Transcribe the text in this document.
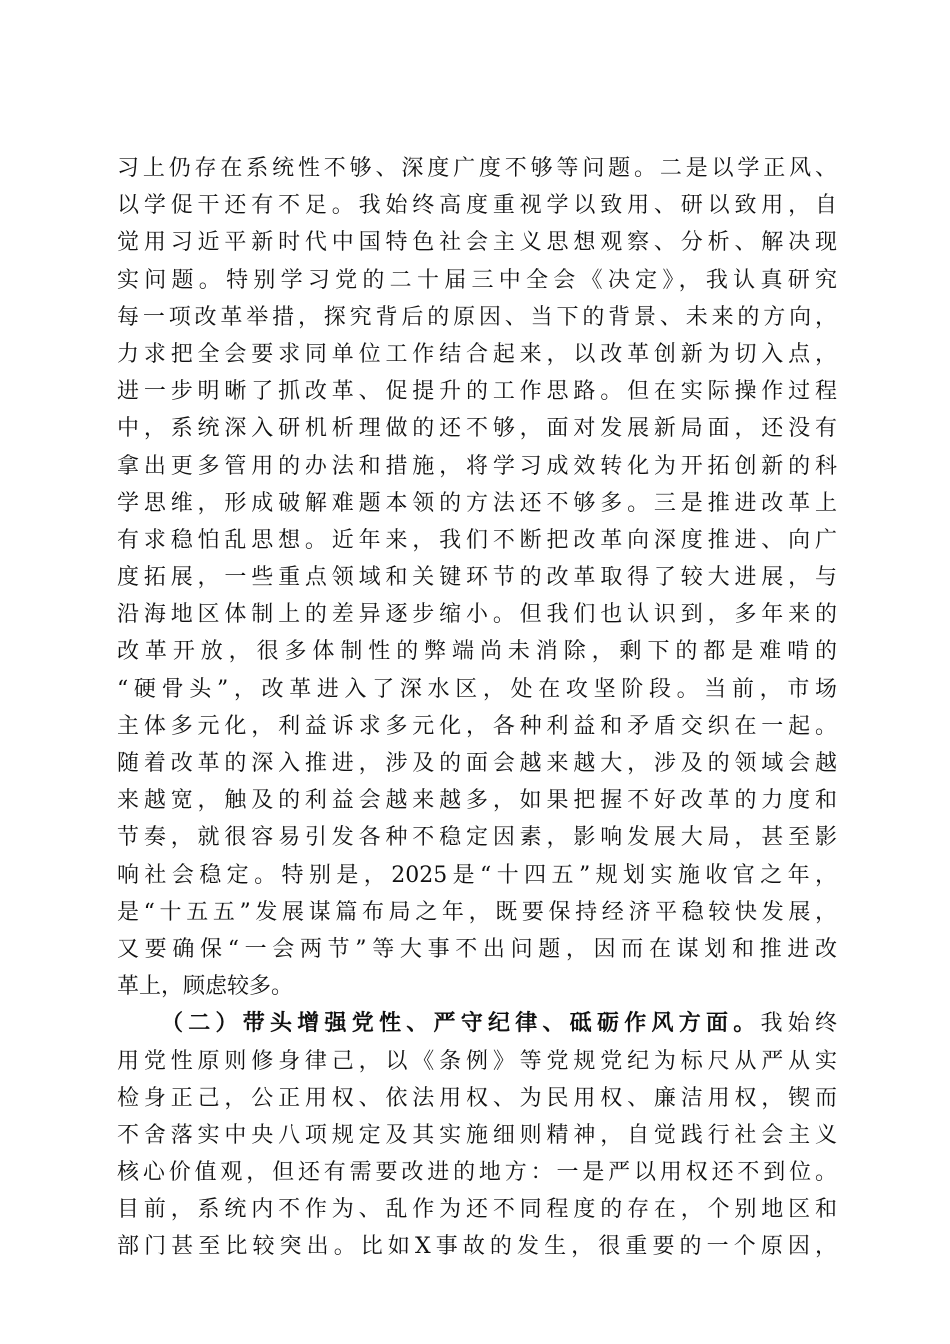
习上仍存在系统性不够、深度广度不够等问题。二是以学正风、
以学促干还有不足。我始终高度重视学以致用、研以致用，自
觉用习近平新时代中国特色社会主义思想观察、分析、解决现
实问题。特别学习党的二十届三中全会《决定》，我认真研究
每一项改革举措，探究背后的原因、当下的背景、未来的方向，
力求把全会要求同单位工作结合起来，以改革创新为切入点，
进一步明晰了抓改革、促提升的工作思路。但在实际操作过程
中，系统深入研机析理做的还不够，面对发展新局面，还没有
拿出更多管用的办法和措施，将学习成效转化为开拓创新的科
学思维，形成破解难题本领的方法还不够多。三是推进改革上
有求稳怕乱思想。近年来，我们不断把改革向深度推进、向广
度拓展，一些重点领域和关键环节的改革取得了较大进展，与
沿海地区体制上的差异逐步缩小。但我们也认识到，多年来的
改革开放，很多体制性的弊端尚未消除，剩下的都是难啃的
“硬骨头”，改革进入了深水区，处在攻坚阶段。当前，市场
主体多元化，利益诉求多元化，各种利益和矛盾交织在一起。
随着改革的深入推进，涉及的面会越来越大，涉及的领域会越
来越宽，触及的利益会越来越多，如果把握不好改革的力度和
节奏，就很容易引发各种不稳定因素，影响发展大局，甚至影
响社会稳定。特别是，2025是“十四五”规划实施收官之年，
是“十五五”发展谋篇布局之年，既要保持经济平稳较快发展，
又要确保“一会两节”等大事不出问题，因而在谋划和推进改
革上，顾虑较多。
（二）带头增强党性、严守纪律、砥砺作风方面。我始终
用党性原则修身律己，以《条例》等党规党纪为标尺从严从实
检身正己，公正用权、依法用权、为民用权、廉洁用权，锲而
不舍落实中央八项规定及其实施细则精神，自觉践行社会主义
核心价值观，但还有需要改进的地方：一是严以用权还不到位。
目前，系统内不作为、乱作为还不同程度的存在，个别地区和
部门甚至比较突出。比如X事故的发生，很重要的一个原因，
